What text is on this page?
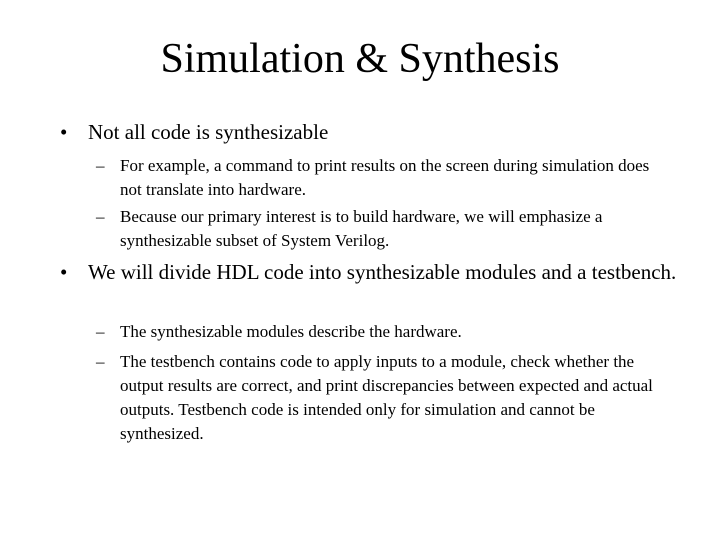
Simulation & Synthesis
• Not all code is synthesizable
– For example, a command to print results on the screen during simulation does not translate into hardware.
– Because our primary interest is to build hardware, we will emphasize a synthesizable subset of System Verilog.
• We will divide HDL code into synthesizable modules and a testbench.
– The synthesizable modules describe the hardware.
– The testbench contains code to apply inputs to a module, check whether the output results are correct, and print discrepancies between expected and actual outputs. Testbench code is intended only for simulation and cannot be synthesized.
